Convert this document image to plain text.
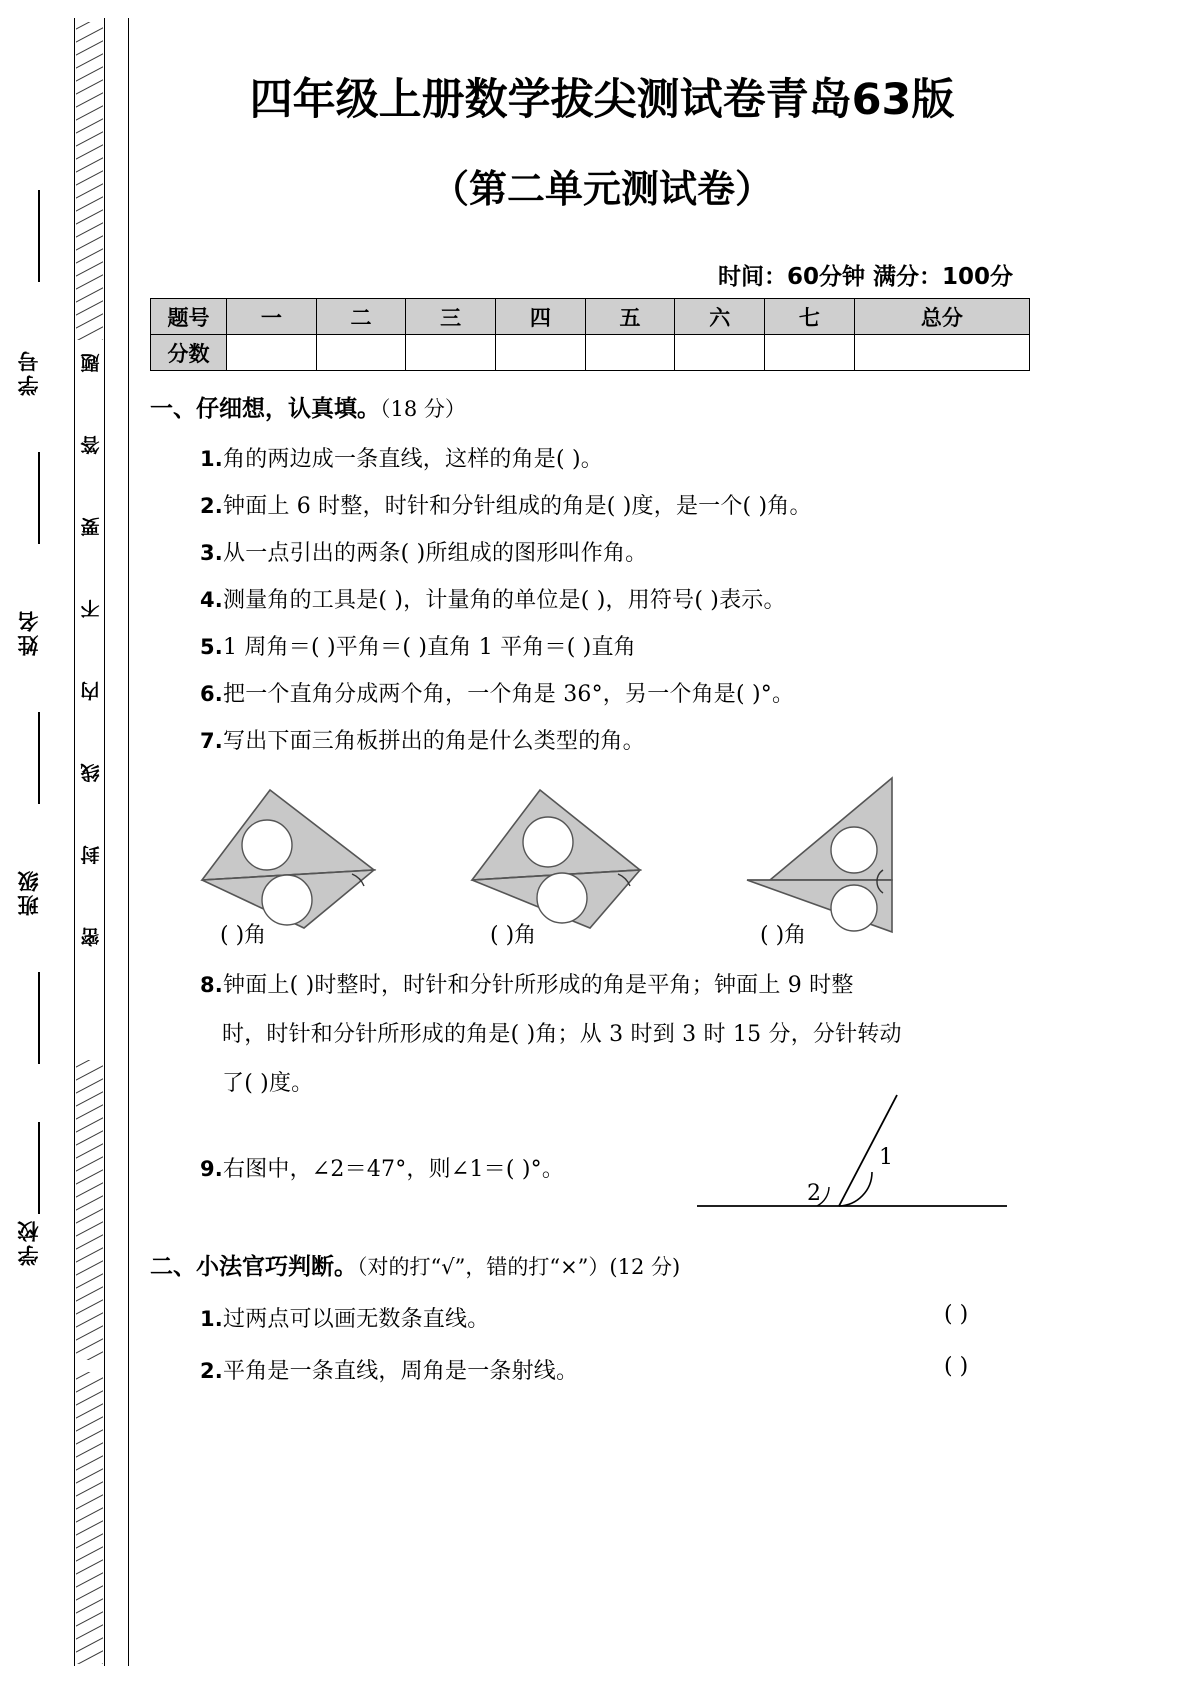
题
答
要
不
内
线
封
密
学号
姓名
班级
学校
四年级上册数学拔尖测试卷青岛63版
（第二单元测试卷）
时间：60分钟 满分：100分
题号	一	二	三	四	五	六	七	总分
分数								
一、仔细想，认真填。（18 分）
1.角的两边成一条直线，这样的角是( )。
2.钟面上 6 时整，时针和分针组成的角是( )度，是一个( )角。
3.从一点引出的两条( )所组成的图形叫作角。
4.测量角的工具是( )，计量角的单位是( )，用符号( )表示。
5.1 周角＝( )平角＝( )直角 1 平角＝( )直角
6.把一个直角分成两个角，一个角是 36°，另一个角是( )°。
7.写出下面三角板拼出的角是什么类型的角。
( )角	( )角	( )角
8.钟面上( )时整时，时针和分针所形成的角是平角；钟面上 9 时整
时，时针和分针所形成的角是( )角；从 3 时到 3 时 15 分，分针转动
了( )度。
9.右图中，∠2＝47°，则∠1＝( )°。	1
2
二、小法官巧判断。（对的打“√”，错的打“×”）(12 分)
1.过两点可以画无数条直线。	( )
2.平角是一条直线，周角是一条射线。	( )
